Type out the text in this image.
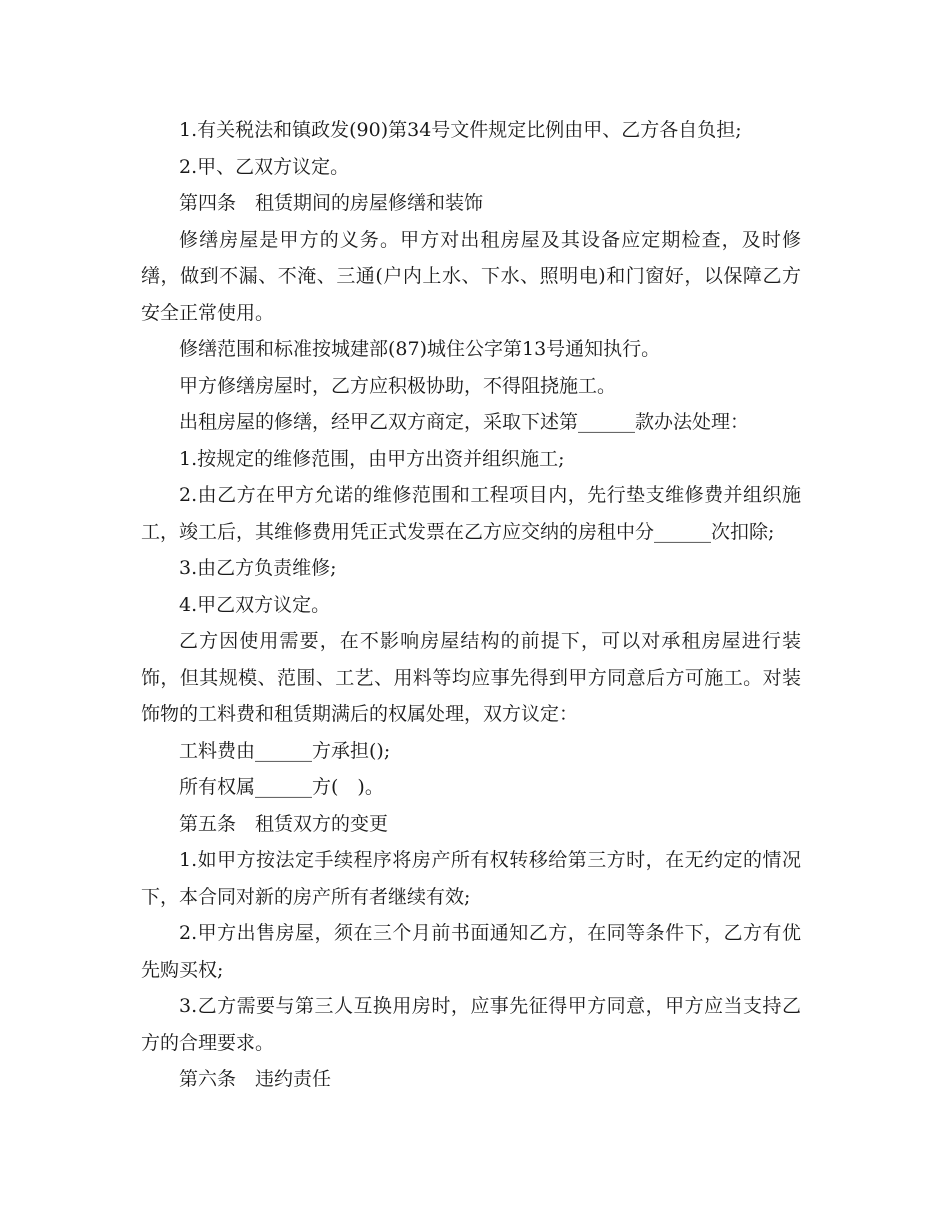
1.有关税法和镇政发(90)第34号文件规定比例由甲、乙方各自负担;

2.甲、乙双方议定。

第四条　租赁期间的房屋修缮和装饰

修缮房屋是甲方的义务。甲方对出租房屋及其设备应定期检查，及时修缮，做到不漏、不淹、三通(户内上水、下水、照明电)和门窗好，以保障乙方安全正常使用。

修缮范围和标准按城建部(87)城住公字第13号通知执行。

甲方修缮房屋时，乙方应积极协助，不得阻挠施工。

出租房屋的修缮，经甲乙双方商定，采取下述第______款办法处理：

1.按规定的维修范围，由甲方出资并组织施工;

2.由乙方在甲方允诺的维修范围和工程项目内，先行垫支维修费并组织施工，竣工后，其维修费用凭正式发票在乙方应交纳的房租中分______次扣除;

3.由乙方负责维修;

4.甲乙双方议定。

乙方因使用需要，在不影响房屋结构的前提下，可以对承租房屋进行装饰，但其规模、范围、工艺、用料等均应事先得到甲方同意后方可施工。对装饰物的工料费和租赁期满后的权属处理，双方议定：

工料费由______方承担();

所有权属______方(　)。

第五条　租赁双方的变更

1.如甲方按法定手续程序将房产所有权转移给第三方时，在无约定的情况下，本合同对新的房产所有者继续有效;

2.甲方出售房屋，须在三个月前书面通知乙方，在同等条件下，乙方有优先购买权;

3.乙方需要与第三人互换用房时，应事先征得甲方同意，甲方应当支持乙方的合理要求。

第六条　违约责任
